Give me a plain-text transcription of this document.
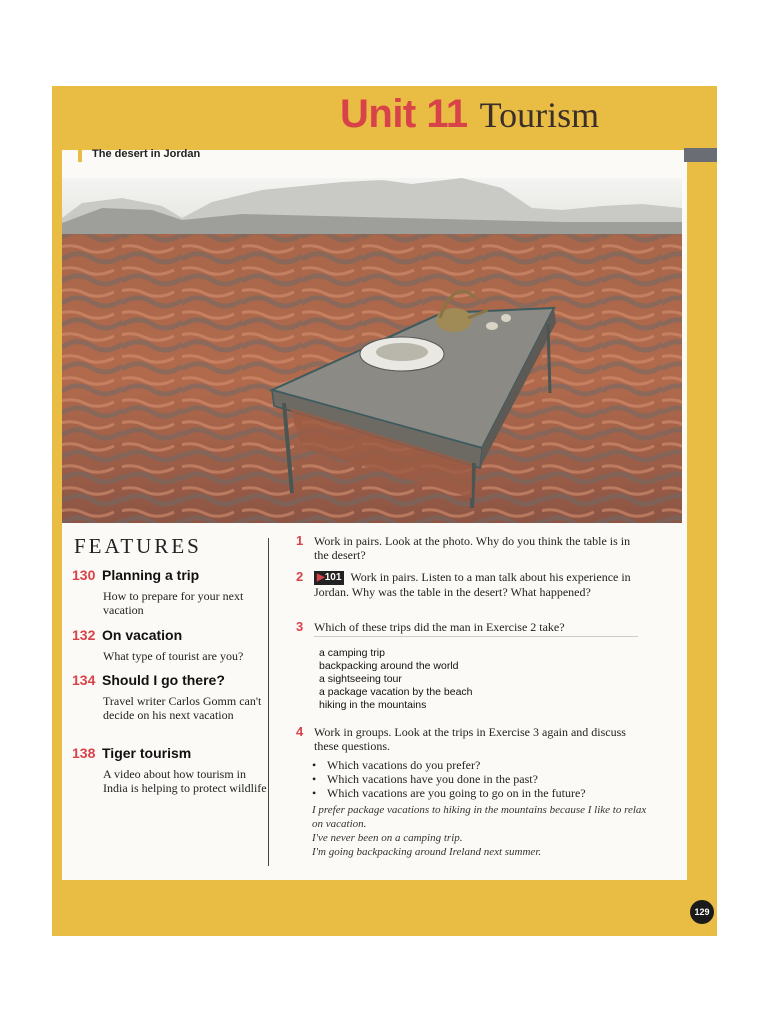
Unit 11 Tourism
The desert in Jordan
FEATURES
130 Planning a trip
How to prepare for your next vacation
132 On vacation
What type of tourist are you?
134 Should I go there?
Travel writer Carlos Gomm can't decide on his next vacation
138 Tiger tourism
A video about how tourism in India is helping to protect wildlife
1 Work in pairs. Look at the photo. Why do you think the table is in the desert?
2	▶101 Work in pairs. Listen to a man talk about his experience in Jordan. Why was the table in the desert? What happened?
3 Which of these trips did the man in Exercise 2 take?
a camping trip
backpacking around the world
a sightseeing tour
a package vacation by the beach
hiking in the mountains
4 Work in groups. Look at the trips in Exercise 3 again and discuss these questions.
• Which vacations do you prefer?
• Which vacations have you done in the past?
• Which vacations are you going to go on in the future?
I prefer package vacations to hiking in the mountains because I like to relax on vacation.
I've never been on a camping trip.
I'm going backpacking around Ireland next summer.
129
